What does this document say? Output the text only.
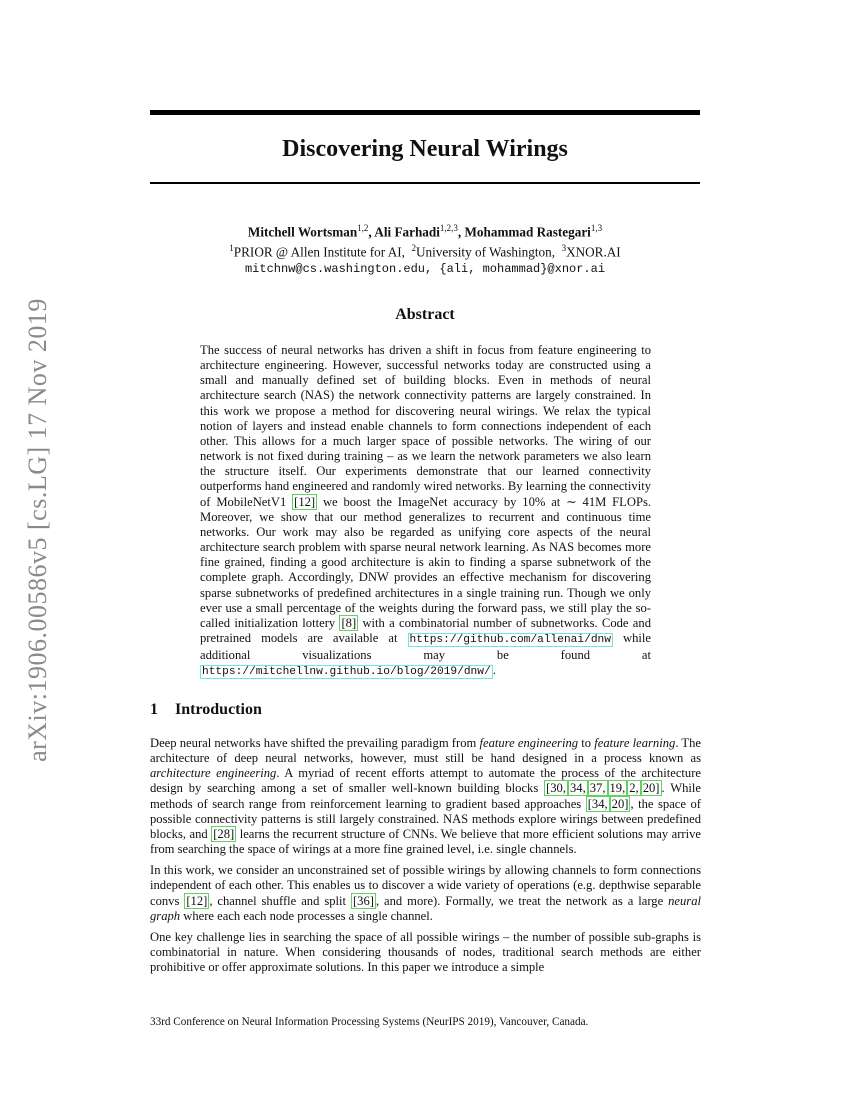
arXiv:1906.00586v5 [cs.LG] 17 Nov 2019
Discovering Neural Wirings
Mitchell Wortsman$^{1,2}$, Ali Farhadi$^{1,2,3}$, Mohammad Rastegari$^{1,3}$
$^1$PRIOR @ Allen Institute for AI, $^2$University of Washington, $^3$XNOR.AI
mitchnw@cs.washington.edu, {ali, mohammad}@xnor.ai
Abstract

The success of neural networks has driven a shift in focus from feature engineering to architecture engineering. However, successful networks today are constructed using a small and manually defined set of building blocks. Even in methods of neural architecture search (NAS) the network connectivity patterns are largely constrained. In this work we propose a method for discovering neural wirings. We relax the typical notion of layers and instead enable channels to form connections independent of each other. This allows for a much larger space of possible networks. The wiring of our network is not fixed during training – as we learn the network parameters we also learn the structure itself. Our experiments demonstrate that our learned connectivity outperforms hand engineered and randomly wired networks. By learning the connectivity of MobileNetV1 [12] we boost the ImageNet accuracy by 10% at ∼ 41M FLOPs. Moreover, we show that our method generalizes to recurrent and continuous time networks. Our work may also be regarded as unifying core aspects of the neural architecture search problem with sparse neural network learning. As NAS becomes more fine grained, finding a good architecture is akin to finding a sparse subnetwork of the complete graph. Accordingly, DNW provides an effective mechanism for discovering sparse subnetworks of predefined architectures in a single training run. Though we only ever use a small percentage of the weights during the forward pass, we still play the so-called initialization lottery [8] with a combinatorial number of subnetworks. Code and pretrained models are available at https://github.com/allenai/dnw while additional visualizations may be found at https://mitchellnw.github.io/blog/2019/dnw/ .

1 Introduction

Deep neural networks have shifted the prevailing paradigm from feature engineering to feature learning. The architecture of deep neural networks, however, must still be hand designed in a process known as architecture engineering. A myriad of recent efforts attempt to automate the process of the architecture design by searching among a set of smaller well-known building blocks [30, 34, 37, 19, 2, 20] . While methods of search range from reinforcement learning to gradient based approaches [34, 20] , the space of possible connectivity patterns is still largely constrained. NAS methods explore wirings between predefined blocks, and [28] learns the recurrent structure of CNNs. We believe that more efficient solutions may arrive from searching the space of wirings at a more fine grained level, i.e. single channels.

In this work, we consider an unconstrained set of possible wirings by allowing channels to form connections independent of each other. This enables us to discover a wide variety of operations (e.g. depthwise separable convs [12] , channel shuffle and split [36] , and more). Formally, we treat the network as a large neural graph where each each node processes a single channel.

One key challenge lies in searching the space of all possible wirings – the number of possible sub-graphs is combinatorial in nature. When considering thousands of nodes, traditional search methods are either prohibitive or offer approximate solutions. In this paper we introduce a simple

33rd Conference on Neural Information Processing Systems (NeurIPS 2019), Vancouver, Canada.
